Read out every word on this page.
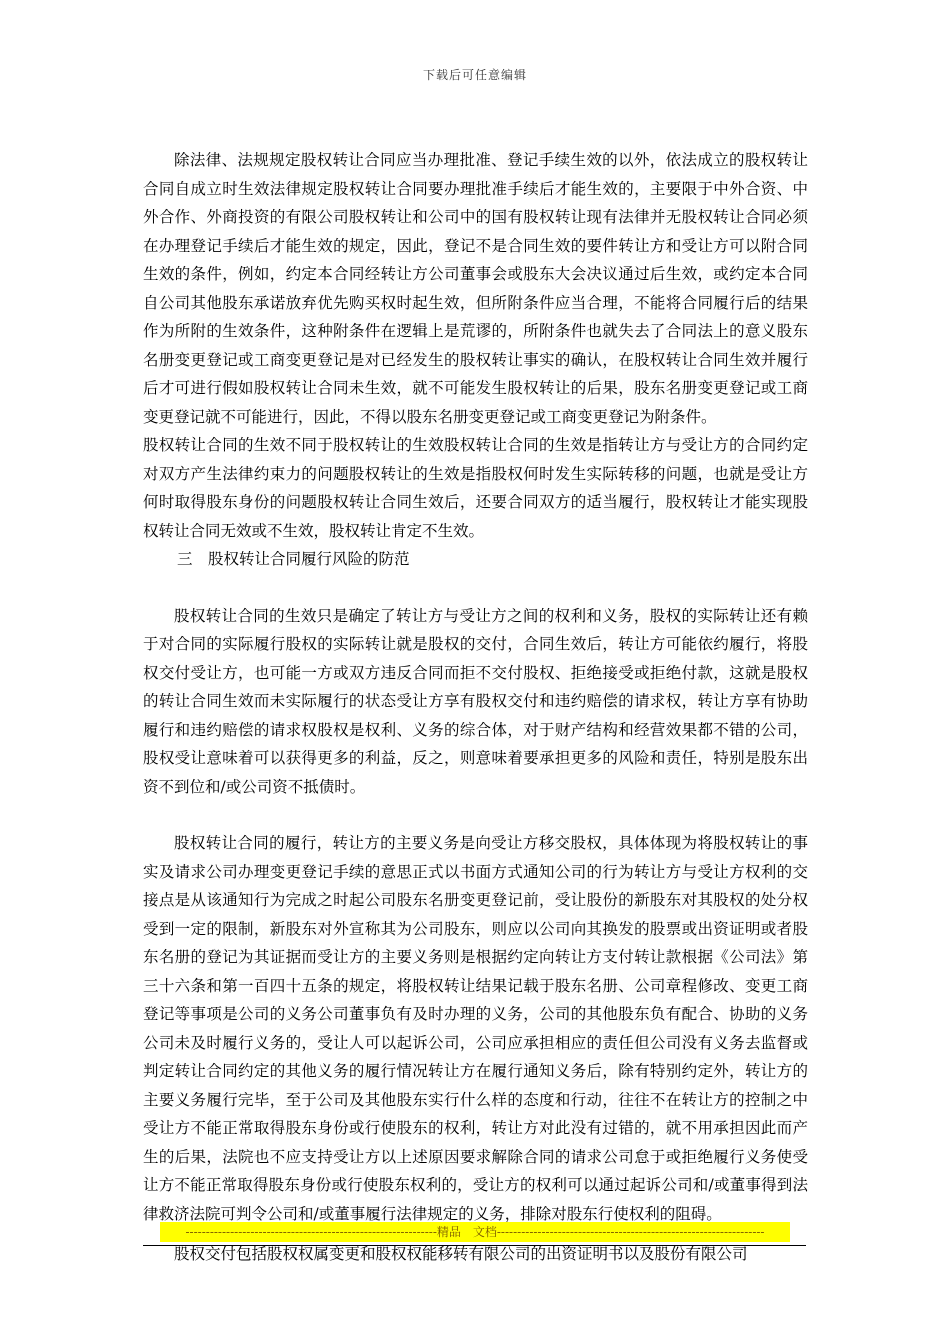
下载后可任意编辑

除法律、法规规定股权转让合同应当办理批准、登记手续生效的以外，依法成立的股权转让合同自成立时生效法律规定股权转让合同要办理批准手续后才能生效的，主要限于中外合资、中外合作、外商投资的有限公司股权转让和公司中的国有股权转让现有法律并无股权转让合同必须在办理登记手续后才能生效的规定，因此，登记不是合同生效的要件转让方和受让方可以附合同生效的条件，例如，约定本合同经转让方公司董事会或股东大会决议通过后生效，或约定本合同自公司其他股东承诺放弃优先购买权时起生效，但所附条件应当合理，不能将合同履行后的结果作为所附的生效条件，这种附条件在逻辑上是荒谬的，所附条件也就失去了合同法上的意义股东名册变更登记或工商变更登记是对已经发生的股权转让事实的确认，在股权转让合同生效并履行后才可进行假如股权转让合同未生效，就不可能发生股权转让的后果，股东名册变更登记或工商变更登记就不可能进行，因此，不得以股东名册变更登记或工商变更登记为附条件。

股权转让合同的生效不同于股权转让的生效股权转让合同的生效是指转让方与受让方的合同约定对双方产生法律约束力的问题股权转让的生效是指股权何时发生实际转移的问题，也就是受让方何时取得股东身份的问题股权转让合同生效后，还要合同双方的适当履行，股权转让才能实现股权转让合同无效或不生效，股权转让肯定不生效。

三　股权转让合同履行风险的防范

股权转让合同的生效只是确定了转让方与受让方之间的权利和义务，股权的实际转让还有赖于对合同的实际履行股权的实际转让就是股权的交付，合同生效后，转让方可能依约履行，将股权交付受让方，也可能一方或双方违反合同而拒不交付股权、拒绝接受或拒绝付款，这就是股权的转让合同生效而未实际履行的状态受让方享有股权交付和违约赔偿的请求权，转让方享有协助履行和违约赔偿的请求权股权是权利、义务的综合体，对于财产结构和经营效果都不错的公司，股权受让意味着可以获得更多的利益，反之，则意味着要承担更多的风险和责任，特别是股东出资不到位和/或公司资不抵债时。

股权转让合同的履行，转让方的主要义务是向受让方移交股权，具体体现为将股权转让的事实及请求公司办理变更登记手续的意思正式以书面方式通知公司的行为转让方与受让方权利的交接点是从该通知行为完成之时起公司股东名册变更登记前，受让股份的新股东对其股权的处分权受到一定的限制，新股东对外宣称其为公司股东，则应以公司向其换发的股票或出资证明或者股东名册的登记为其证据而受让方的主要义务则是根据约定向转让方支付转让款根据《公司法》第三十六条和第一百四十五条的规定，将股权转让结果记载于股东名册、公司章程修改、变更工商登记等事项是公司的义务公司董事负有及时办理的义务，公司的其他股东负有配合、协助的义务公司未及时履行义务的，受让人可以起诉公司，公司应承担相应的责任但公司没有义务去监督或判定转让合同约定的其他义务的履行情况转让方在履行通知义务后，除有特别约定外，转让方的主要义务履行完毕，至于公司及其他股东实行什么样的态度和行动，往往不在转让方的控制之中受让方不能正常取得股东身份或行使股东的权利，转让方对此没有过错的，就不用承担因此而产生的后果，法院也不应支持受让方以上述原因要求解除合同的请求公司怠于或拒绝履行义务使受让方不能正常取得股东身份或行使股东权利的，受让方的权利可以通过起诉公司和/或董事得到法律救济法院可判令公司和/或董事履行法律规定的义务，排除对股东行使权利的阻碍。

股权交付包括股权权属变更和股权权能移转有限公司的出资证明书以及股份有限公司

--------------------------------------------------------------精品　文档------------------------------------------------------------------
